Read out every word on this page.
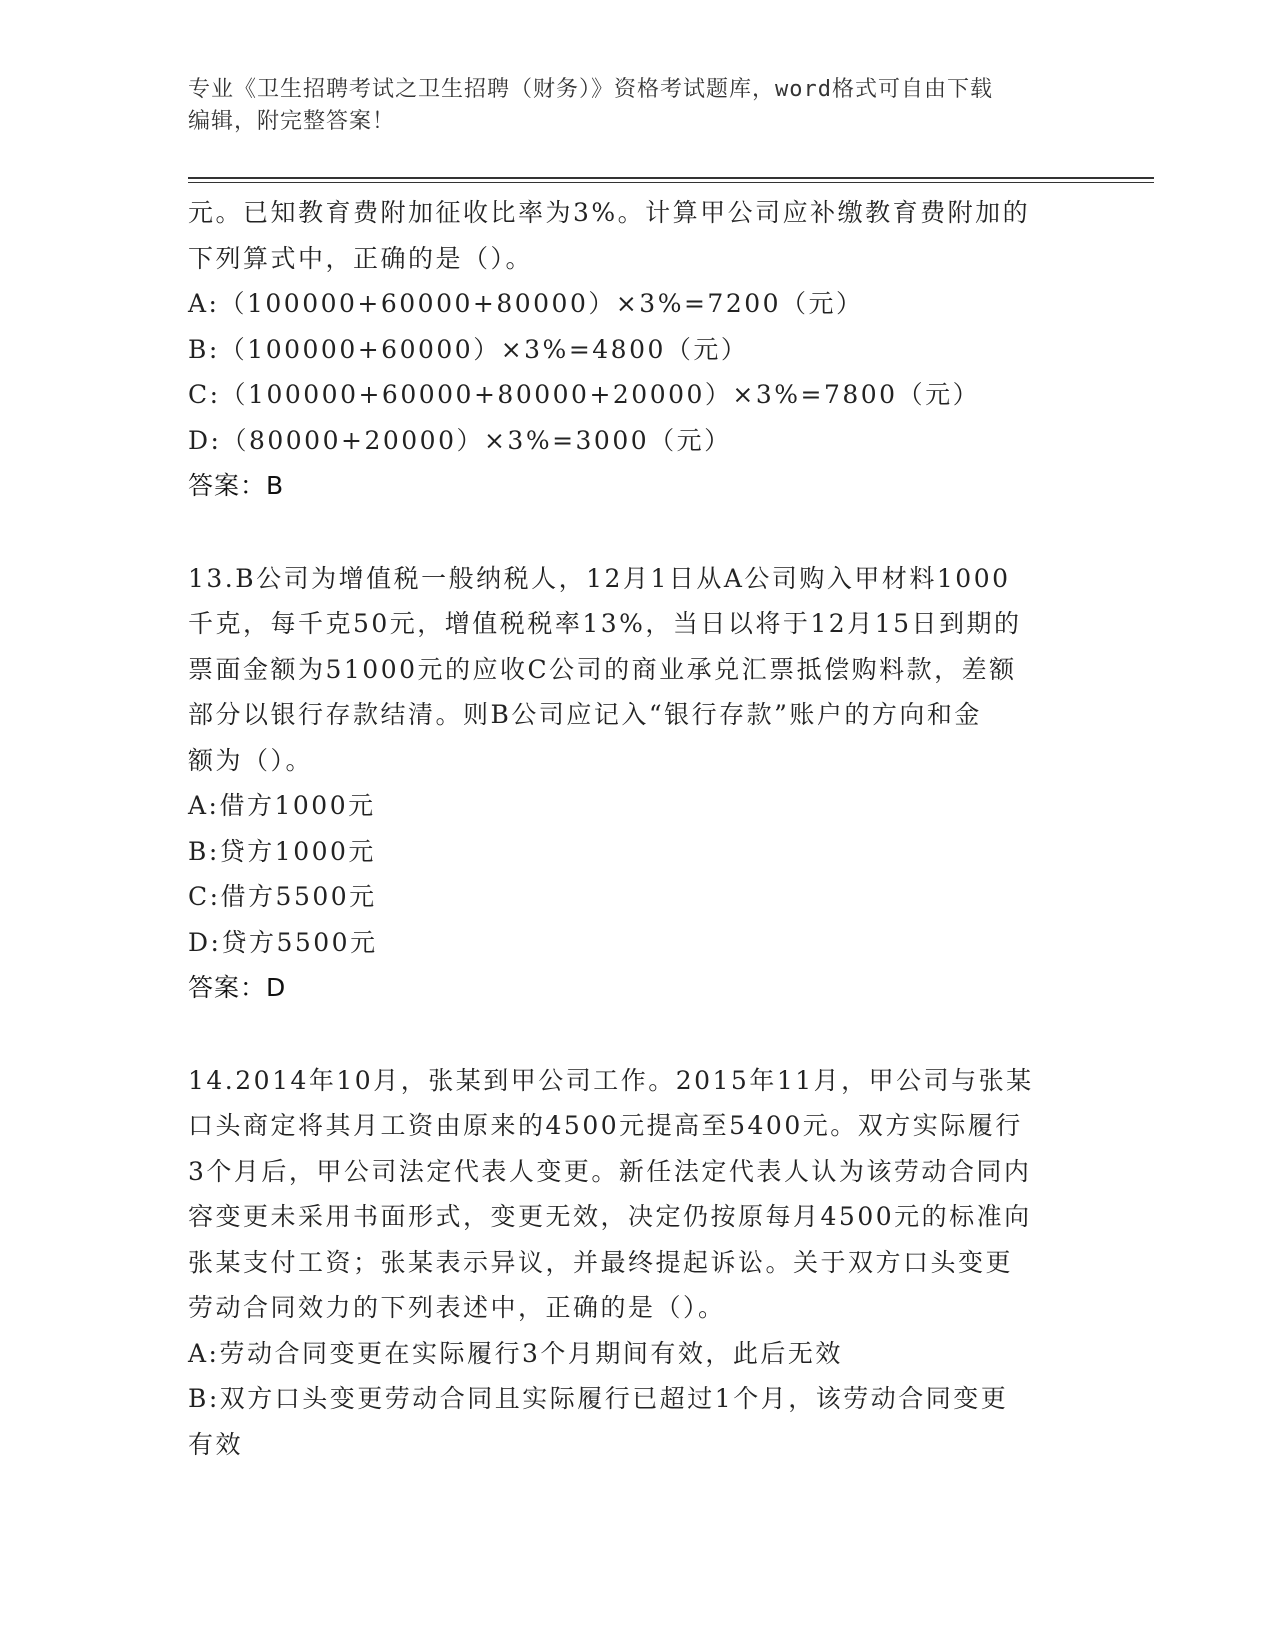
专业《卫生招聘考试之卫生招聘（财务）》资格考试题库，word格式可自由下载
编辑，附完整答案！
元。已知教育费附加征收比率为3%。计算甲公司应补缴教育费附加的
下列算式中，正确的是（）。
A:（100000+60000+80000）×3%=7200（元）
B:（100000+60000）×3%=4800（元）
C:（100000+60000+80000+20000）×3%=7800（元）
D:（80000+20000）×3%=3000（元）
答案：B
13.B公司为增值税一般纳税人，12月1日从A公司购入甲材料1000
千克，每千克50元，增值税税率13%，当日以将于12月15日到期的
票面金额为51000元的应收C公司的商业承兑汇票抵偿购料款，差额
部分以银行存款结清。则B公司应记入“银行存款”账户的方向和金
额为（）。
A:借方1000元
B:贷方1000元
C:借方5500元
D:贷方5500元
答案：D
14.2014年10月，张某到甲公司工作。2015年11月，甲公司与张某
口头商定将其月工资由原来的4500元提高至5400元。双方实际履行
3个月后，甲公司法定代表人变更。新任法定代表人认为该劳动合同内
容变更未采用书面形式，变更无效，决定仍按原每月4500元的标准向
张某支付工资；张某表示异议，并最终提起诉讼。关于双方口头变更
劳动合同效力的下列表述中，正确的是（）。
A:劳动合同变更在实际履行3个月期间有效，此后无效
B:双方口头变更劳动合同且实际履行已超过1个月，该劳动合同变更
有效
